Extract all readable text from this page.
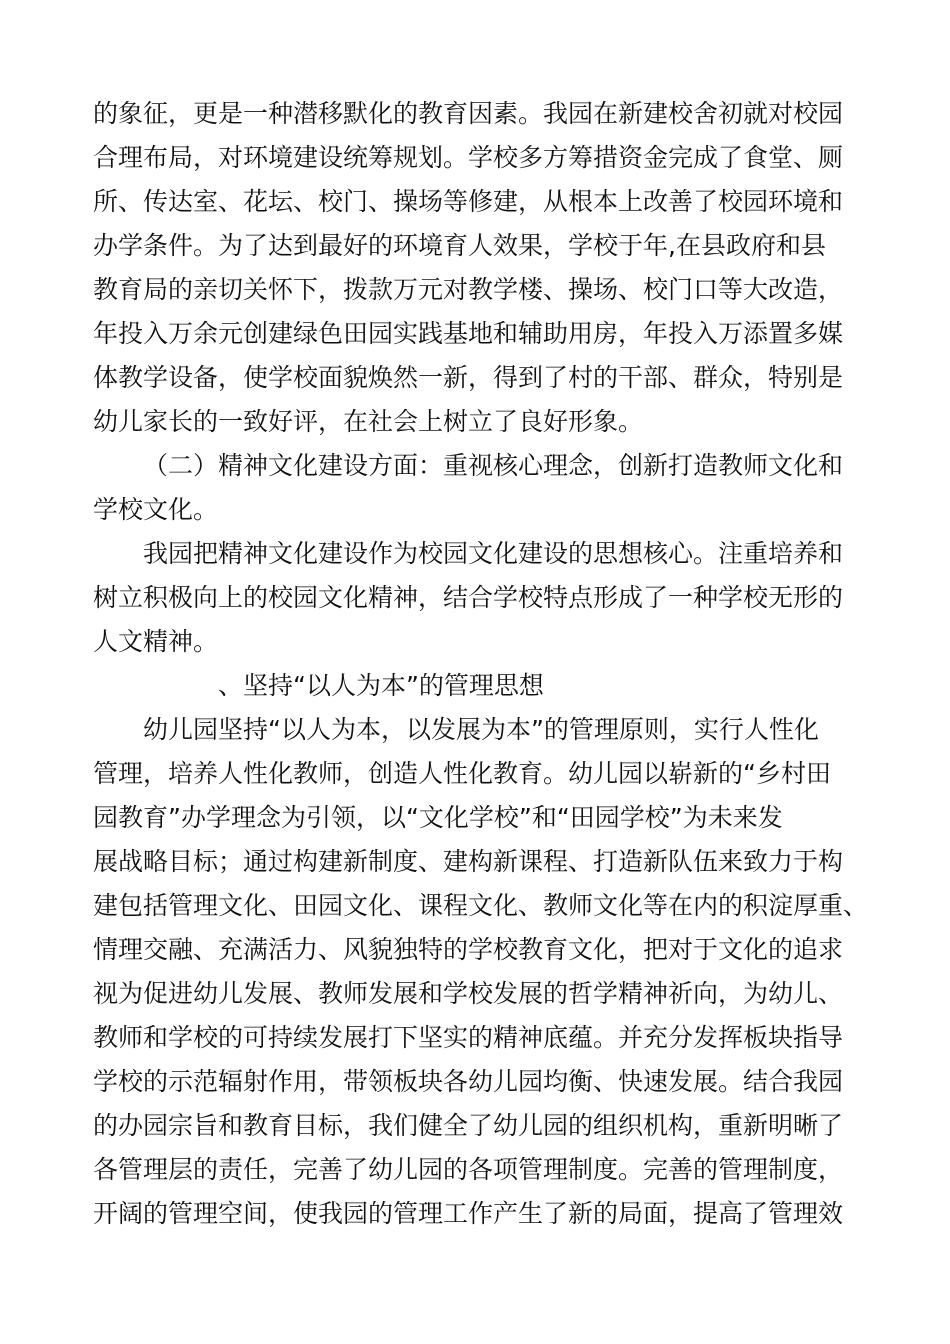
的象征，更是一种潜移默化的教育因素。我园在新建校舍初就对校园
合理布局，对环境建设统筹规划。学校多方筹措资金完成了食堂、厕
所、传达室、花坛、校门、操场等修建，从根本上改善了校园环境和
办学条件。为了达到最好的环境育人效果，学校于年,在县政府和县
教育局的亲切关怀下，拨款万元对教学楼、操场、校门口等大改造，
年投入万余元创建绿色田园实践基地和辅助用房，年投入万添置多媒
体教学设备，使学校面貌焕然一新，得到了村的干部、群众，特别是
幼儿家长的一致好评，在社会上树立了良好形象。
（二）精神文化建设方面：重视核心理念，创新打造教师文化和
学校文化。
我园把精神文化建设作为校园文化建设的思想核心。注重培养和
树立积极向上的校园文化精神，结合学校特点形成了一种学校无形的
人文精神。
、坚持“以人为本”的管理思想
幼儿园坚持“以人为本，以发展为本”的管理原则，实行人性化
管理，培养人性化教师，创造人性化教育。幼儿园以崭新的“乡村田
园教育”办学理念为引领，以“文化学校”和“田园学校”为未来发
展战略目标；通过构建新制度、建构新课程、打造新队伍来致力于构
建包括管理文化、田园文化、课程文化、教师文化等在内的积淀厚重、
情理交融、充满活力、风貌独特的学校教育文化，把对于文化的追求
视为促进幼儿发展、教师发展和学校发展的哲学精神祈向，为幼儿、
教师和学校的可持续发展打下坚实的精神底蕴。并充分发挥板块指导
学校的示范辐射作用，带领板块各幼儿园均衡、快速发展。结合我园
的办园宗旨和教育目标，我们健全了幼儿园的组织机构，重新明晰了
各管理层的责任，完善了幼儿园的各项管理制度。完善的管理制度，
开阔的管理空间，使我园的管理工作产生了新的局面，提高了管理效
